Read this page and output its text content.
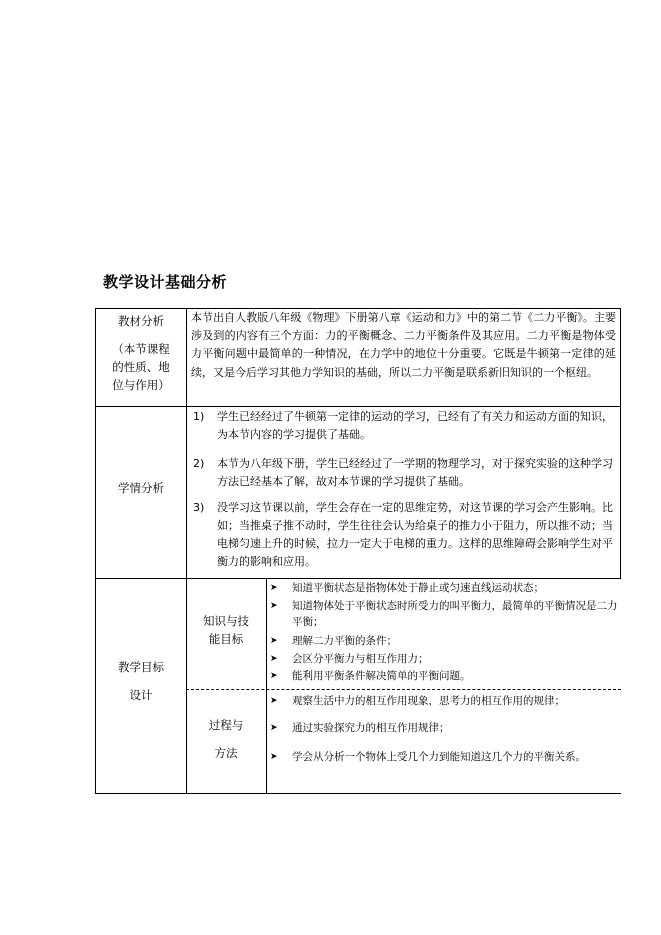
教学设计基础分析
教材分析
（本节课程
的性质、地
位与作用）
本节出自人教版八年级《物理》下册第八章《运动和力》中的第二节《二力平衡》。主要涉及到的内容有三个方面：力的平衡概念、二力平衡条件及其应用。二力平衡是物体受力平衡问题中最简单的一种情况，在力学中的地位十分重要。它既是牛顿第一定律的延续，又是今后学习其他力学知识的基础，所以二力平衡是联系新旧知识的一个枢纽。
学情分析
1) 学生已经经过了牛顿第一定律的运动的学习，已经有了有关力和运动方面的知识，为本节内容的学习提供了基础。
2) 本节为八年级下册，学生已经经过了一学期的物理学习，对于探究实验的这种学习方法已经基本了解，故对本节课的学习提供了基础。
3) 没学习这节课以前，学生会存在一定的思维定势，对这节课的学习会产生影响。比如；当推桌子推不动时，学生往往会认为给桌子的推力小于阻力，所以推不动；当电梯匀速上升的时候，拉力一定大于电梯的重力。这样的思维障碍会影响学生对平衡力的影响和应用。
教学目标
设计
知识与技
能目标
➤ 知道平衡状态是指物体处于静止或匀速直线运动状态；
➤ 知道物体处于平衡状态时所受力的叫平衡力，最简单的平衡情况是二力平衡；
➤ 理解二力平衡的条件；
➤ 会区分平衡力与相互作用力；
➤ 能利用平衡条件解决简单的平衡问题。
过程与
方法
➤ 观察生活中力的相互作用现象，思考力的相互作用的规律；
➤ 通过实验探究力的相互作用规律；
➤ 学会从分析一个物体上受几个力到能知道这几个力的平衡关系。
